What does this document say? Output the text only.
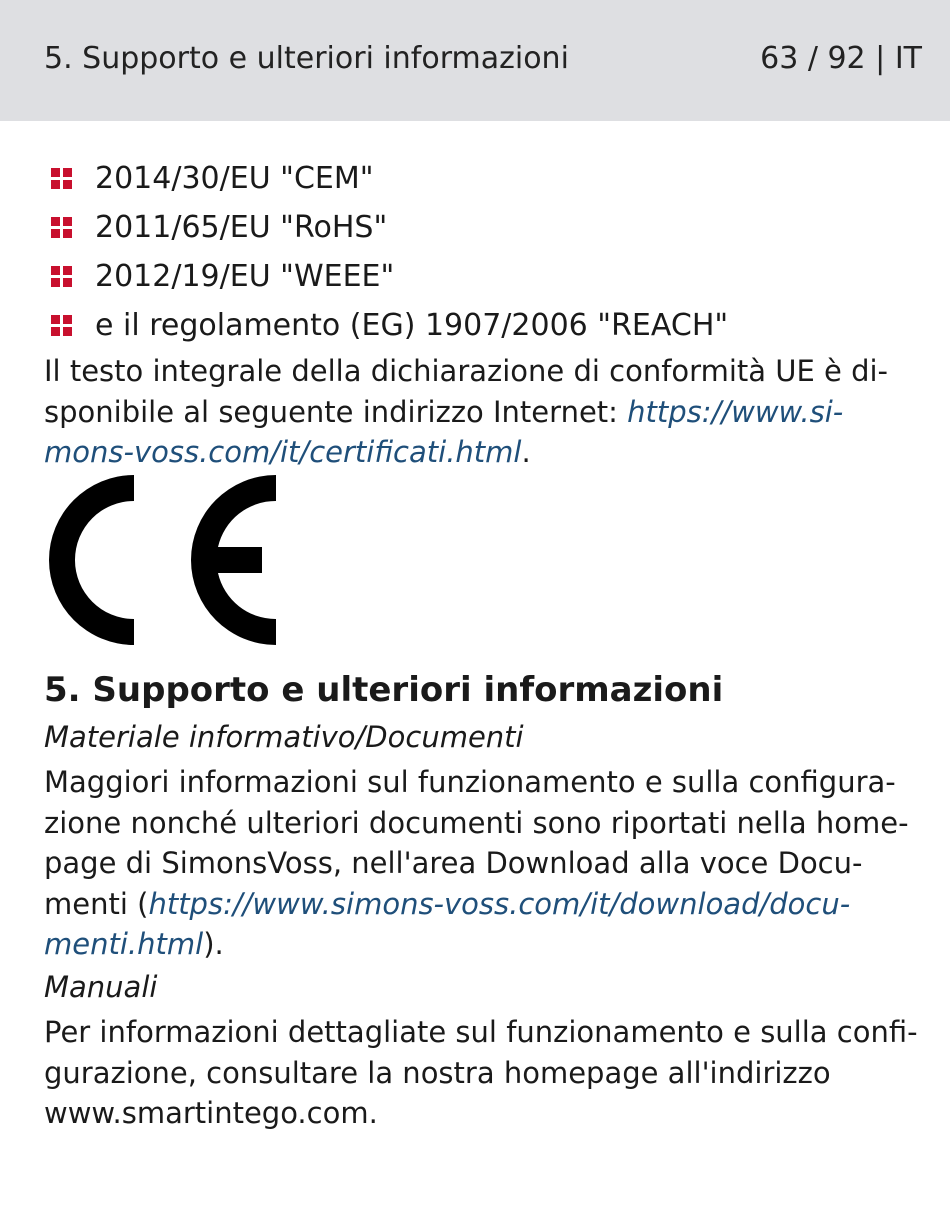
5. Supporto e ulteriori informazioni	63 / 92 | IT
2014/30/EU "CEM"
2011/65/EU "RoHS"
2012/19/EU "WEEE"
e il regolamento (EG) 1907/2006 "REACH"
Il testo integrale della dichiarazione di conformità UE è di-
sponibile al seguente indirizzo Internet: https://www.si-
mons-voss.com/it/certificati.html.
5. Supporto e ulteriori informazioni
Materiale informativo/Documenti
Maggiori informazioni sul funzionamento e sulla configura-
zione nonché ulteriori documenti sono riportati nella home-
page di SimonsVoss, nell'area Download alla voce Docu-
menti (https://www.simons-voss.com/it/download/docu-
menti.html).
Manuali
Per informazioni dettagliate sul funzionamento e sulla confi-
gurazione, consultare la nostra homepage all'indirizzo
www.smartintego.com.
